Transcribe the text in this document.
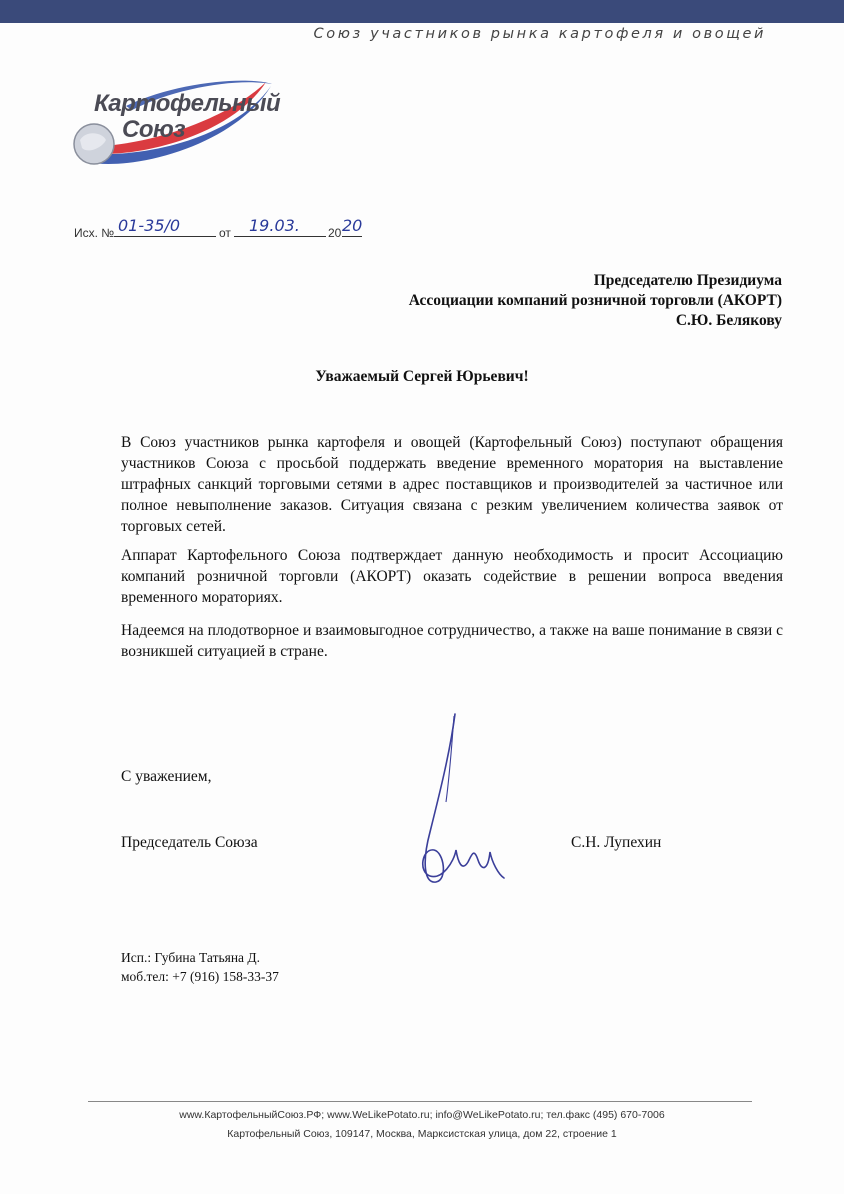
Союз участников рынка картофеля и овощей
Картофельный
Союз
Исх. № 01-35/0	от 19.03. 20 20
Председателю Президиума
Ассоциации компаний розничной торговли (АКОРТ)
С.Ю. Белякову
Уважаемый Сергей Юрьевич!

В Союз участников рынка картофеля и овощей (Картофельный Союз) поступают обращения участников Союза с просьбой поддержать введение временного моратория на выставление штрафных санкций торговыми сетями в адрес поставщиков и производителей за частичное или полное невыполнение заказов. Ситуация связана с резким увеличением количества заявок от торговых сетей.

Аппарат Картофельного Союза подтверждает данную необходимость и просит Ассоциацию компаний розничной торговли (АКОРТ) оказать содействие в решении вопроса введения временного мораториях.

Надеемся на плодотворное и взаимовыгодное сотрудничество, а также на ваше понимание в связи с возникшей ситуацией в стране.

С уважением,
Председатель Союза	С.Н. Лупехин
Исп.: Губина Татьяна Д.
моб.тел: +7 (916) 158-33-37
www.КартофельныйСоюз.РФ; www.WeLikePotato.ru; info@WeLikePotato.ru; тел.факс (495) 670-7006
Картофельный Союз, 109147, Москва, Марксистская улица, дом 22, строение 1
